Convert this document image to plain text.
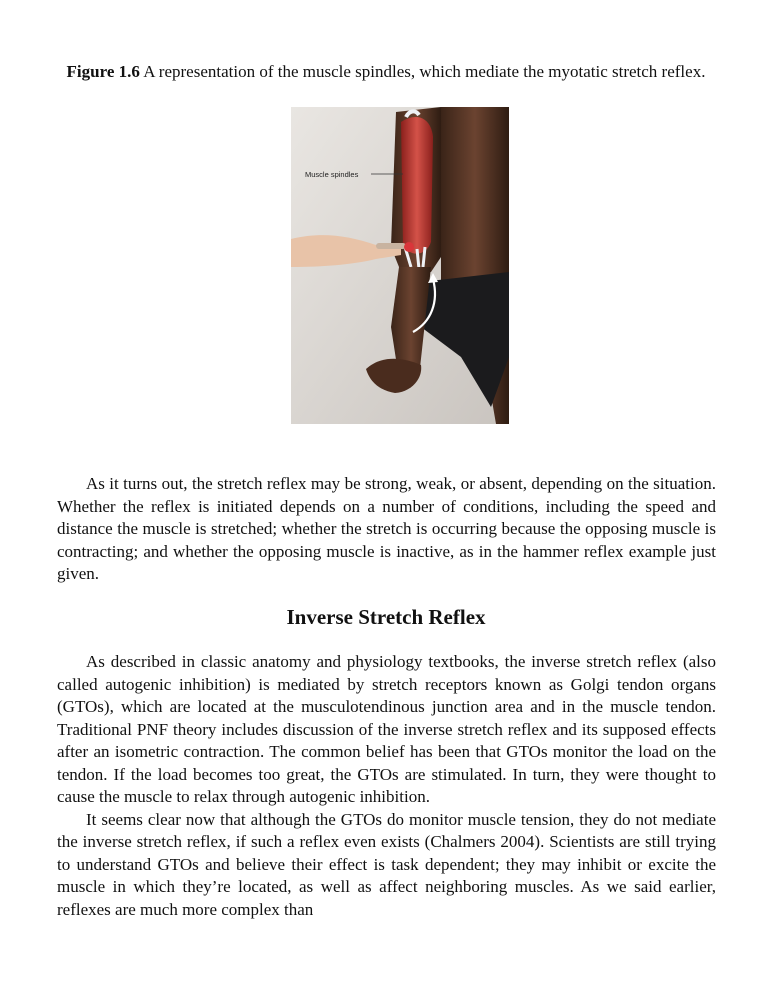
Figure 1.6 A representation of the muscle spindles, which mediate the myotatic stretch reflex.
Muscle spindles

As it turns out, the stretch reflex may be strong, weak, or absent, depending on the situation. Whether the reflex is initiated depends on a number of conditions, including the speed and distance the muscle is stretched; whether the stretch is occurring because the opposing muscle is contracting; and whether the opposing muscle is inactive, as in the hammer reflex example just given.

Inverse Stretch Reflex

As described in classic anatomy and physiology textbooks, the inverse stretch reflex (also called autogenic inhibition) is mediated by stretch receptors known as Golgi tendon organs (GTOs), which are located at the musculotendinous junction area and in the muscle tendon. Traditional PNF theory includes discussion of the inverse stretch reflex and its supposed effects after an isometric contraction. The common belief has been that GTOs monitor the load on the tendon. If the load becomes too great, the GTOs are stimulated. In turn, they were thought to cause the muscle to relax through autogenic inhibition.

It seems clear now that although the GTOs do monitor muscle tension, they do not mediate the inverse stretch reflex, if such a reflex even exists (Chalmers 2004). Scientists are still trying to understand GTOs and believe their effect is task dependent; they may inhibit or excite the muscle in which they’re located, as well as affect neighboring muscles. As we said earlier, reflexes are much more complex than
